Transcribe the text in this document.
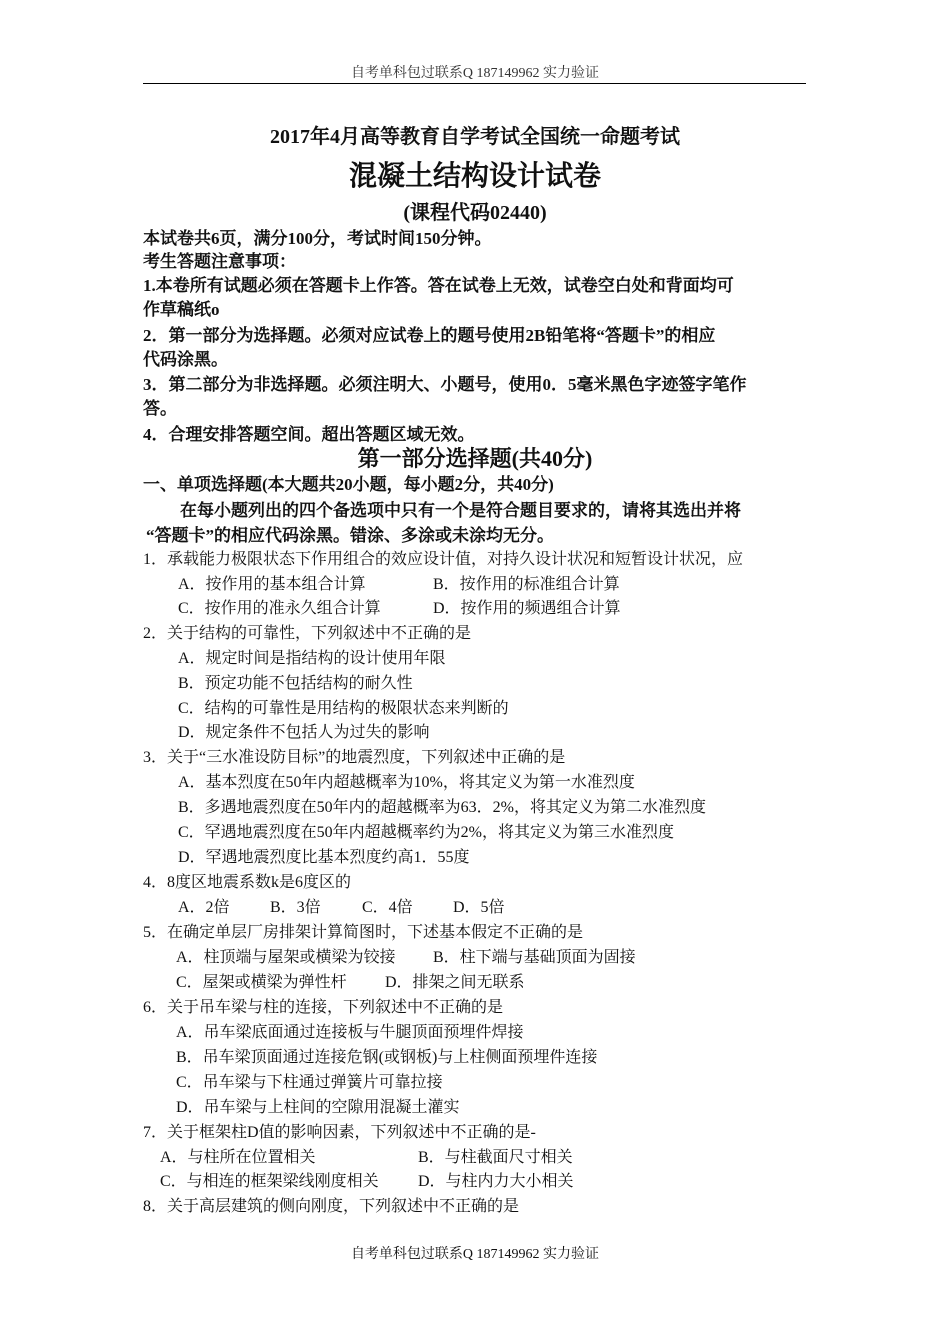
自考单科包过联系Q 187149962 实力验证
2017年4月高等教育自学考试全国统一命题考试
混凝土结构设计试卷
(课程代码02440)
本试卷共6页，满分100分，考试时间150分钟。
考生答题注意事项：
1.本卷所有试题必须在答题卡上作答。答在试卷上无效，试卷空白处和背面均可
作草稿纸o
2．第一部分为选择题。必须对应试卷上的题号使用2B铅笔将“答题卡”的相应
代码涂黑。
3．第二部分为非选择题。必须注明大、小题号，使用0．5毫米黑色字迹签字笔作
答。
4．合理安排答题空间。超出答题区域无效。
第一部分选择题(共40分)
一、单项选择题(本大题共20小题，每小题2分，共40分)
在每小题列出的四个备选项中只有一个是符合题目要求的，请将其选出并将
“答题卡”的相应代码涂黑。错涂、多涂或未涂均无分。
1．承载能力极限状态下作用组合的效应设计值，对持久设计状况和短暂设计状况，应
A．按作用的基本组合计算	B．按作用的标准组合计算
C．按作用的准永久组合计算	D．按作用的频遇组合计算
2．关于结构的可靠性，下列叙述中不正确的是
A．规定时间是指结构的设计使用年限
B．预定功能不包括结构的耐久性
C．结构的可靠性是用结构的极限状态来判断的
D．规定条件不包括人为过失的影响
3．关于“三水准设防目标”的地震烈度，下列叙述中正确的是
A．基本烈度在50年内超越概率为10%，将其定义为第一水准烈度
B．多遇地震烈度在50年内的超越概率为63．2%，将其定义为第二水准烈度
C．罕遇地震烈度在50年内超越概率约为2%，将其定义为第三水准烈度
D．罕遇地震烈度比基本烈度约高1．55度
4．8度区地震系数k是6度区的
A．2倍	B．3倍	C．4倍	D．5倍
5．在确定单层厂房排架计算简图时，下述基本假定不正确的是
A．柱顶端与屋架或横梁为铰接 B．柱下端与基础顶面为固接
C．屋架或横梁为弹性杆 D．排架之间无联系
6．关于吊车梁与柱的连接，下列叙述中不正确的是
A．吊车梁底面通过连接板与牛腿顶面预埋件焊接
B．吊车梁顶面通过连接危钢(或钢板)与上柱侧面预埋件连接
C．吊车梁与下柱通过弹簧片可靠拉接
D．吊车梁与上柱间的空隙用混凝土灌实
7．关于框架柱D值的影响因素，下列叙述中不正确的是-
A．与柱所在位置相关	B．与柱截面尺寸相关
C．与相连的框架梁线刚度相关 D．与柱内力大小相关
8．关于高层建筑的侧向刚度，下列叙述中不正确的是
自考单科包过联系Q 187149962 实力验证
